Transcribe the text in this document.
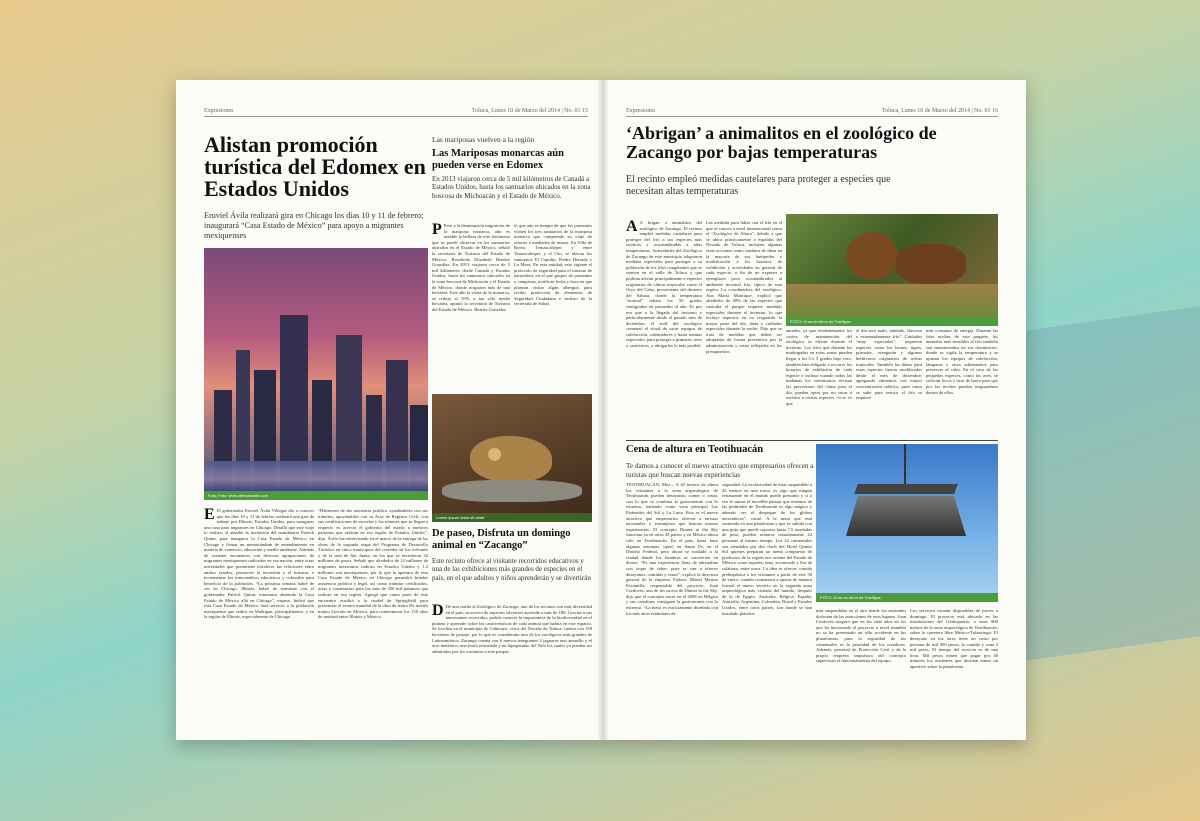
Expresiones	Toluca, Lunes 10 de Marzo del 2014 | No. 01 15
Alistan promoción turística del Edomex en Estados Unidos
Eruviel Ávila realizará gira en Chicago los días 10 y 11 de febrero; inaugurará “Casa Estado de México” para apoyo a migrantes mexiquenses
Foto: Foto: www.chiesauchto.com
E El gobernador Eruviel Ávila Villegas dio a conocer que los días 10 y 11 de febrero realizará una gira de trabajo por Illinois, Estados Unidos, para inaugurar una casa para migrantes en Chicago. Detalló que este viaje lo realiza, al atender la invitación del mandatario Patrick Quinn, para inaugurar la Casa Estado de México en Chicago y firmar un memorándum de entendimiento en materia de comercio, educación y medio ambiente. Además de sostener encuentros con diversas agrupaciones de migrantes mexiquenses radicados en esa nación, entre otras actividades que permitirán fortalecer las relaciones entre ambos estados, promover la inversión y el turismo, e incrementar los intercambios educativos y culturales para beneficio de la población. “La próxima semana habré de ver en Chicago, Illinois, habré de reunirme con el gobernador Patrick Quinn, estaremos abriendo la Casa Estado de México allá en Chicago”, expuso. Indicó que esta Casa Estado de México dará servicio a la población mexiquense que radica en Waikigan, principalmente, y en la región de Illinois, especialmente de Chicago.
“Habremos de dar asistencia jurídica, ayudándoles con sus trámites, apoyándoles con su Acta de Registro Civil, con sus certificaciones de escuelas y los trámites que se llegan a requerir, es acercar el gobierno del estado a nuestros paisanos que radican en esa región de Estados Unidos”, dijo. Ávila fue entrevistado en el marco de la entrega de las obras de la segunda etapa del Programa de Desarrollo Turístico en cinco municipios del corredor de los volcanes y de la ruta de Sor Juana, en los que se invirtieron 32 millones de pesos. Señaló que alrededor de 12 millones de migrantes mexicanos radican en Estados Unidos y 1.2 millones son mexiquenses, por lo que la apertura de esta Casa Estado de México en Chicago permitirá brindar asistencia jurídica y legal, así como tramitar certificados, actas y constancias para los más de 350 mil paisanos que radican en esa región. Agregó que como parte de este encuentro acudirá a la ciudad de Springfield para presenciar el evento mundial de la obra de teatro De interés mutuo Lincoln en Mexico, para conmemorar los 150 años de amistad entre Illinois y México.
Las mariposas vuelven a la región
Las Mariposas monarcas aún pueden verse en Edomex
En 2013 viajaron cerca de 5 mil kilómetros de Canadá a Estados Unidos, hasta los santuarios ubicados en la zona boscosa de Michoacán y el Estado de México.
P Pese a la disminución migratoria de la mariposa monarca, aún es notable la belleza de este fenómeno que se puede observar en los santuarios ubicados en el Estado de México, señaló la secretaria de Turismo del Estado de México, Rosalinda Elizabeth Benítez González. En 2013 viajaron cerca de 5 mil kilómetros desde Canadá y Estados Unidos, hasta los santuarios ubicados en la zona boscosa de Michoacán y el Estado de México, donde ocuparon más de una hectárea. Este año la visita de la monarca, se redujo al 50% a tan sólo media hectárea, apuntó la secretaria de Turismo del Estado de México. Beatriz González
tó que aún es tiempo de que los paseantes visiten los tres santuarios de la mariposa monarca que comprende su viaje de retorno a mediados de marzo. En Villa de Bravo, Temascaltepec y entre Temascaltepec y el Oro, se ubican los santuarios El Capulín, Piedra Herrada y La Mesa. En esta entidad, esta vigente el protocolo de seguridad para el turismo de naturaleza, en el que grupos de paseantes y campistas, notifican fecha y hora en que planean visitar algún albergue, para recibir protección de elementos de Seguridad Ciudadana e incluso de la secretaría de Salud.
Lorem ipsum dolor sit amet
De paseo, Disfruta un domingo animal en “Zacango”
Este recinto ofrece al visitante recorridos educativos y una de las exhibiciones más grandes de especies en el país, en el que adultos y niños aprenderán y se divertirán
D Dé una vuelta al Zoológico de Zacango, uno de los recintos con más diversidad en el país, su acervo de especies silvestres asciende a más de 180. Gracias a sus interesantes recorridos, podrás conocer la importancia de la biodiversidad en el planeta y aprender sobre las características de cada animal que habita en este espacio. Se localiza en el municipio de Calimaya, cerca del Nevado de Toluca; cuenta con 159 hectáreas de paisaje, por lo que es considerado uno de los zoológicos más grandes de Latinoamérica. Zacango cuenta con 6 nuevos integrantes 2 jaguares uno amarillo y el otro melánico; una jirafa reticulada y un hipopótamo del Nilo los cuales ya pueden ser admirados por los visitantes a este parque.
Expresiones	Toluca, Lunes 10 de Marzo del 2014 | No. 01 16
‘Abrigan’ a animalitos en el zoológico de Zacango por bajas temperaturas
El recinto empleó medidas cautelares para proteger a especies que necesitan altas temperaturas
A A brigan a animalitos del zoológico de Zacango. El recinto empleó medidas cautelares para proteger del frío a sus especies más exóticas y acostumbradas a altas temperaturas. Autoridades del Zoológico de Zacango de este municipio adoptaron medidas especiales para proteger a su población de los fríos congelantes que se sienten en el valle de Toluca y que podrían afectar principalmente a especies originarias de climas tropicales como el Oryx del Cabo, proveniente del desierto del Sahara, donde la temperatura “normal” rebasa los 50 grados centígrados en promedio al año. Es por eso que a la llegada del invierno y particularmente desde el pasado mes de diciembre, el staff del zoológico comenzó el ritual de sacar equipos de calefacción, calentadores y hasta mantas especiales, para proteger a primates, aves y carnívoros, y abrigarlos lo más posible.
Las medidas para lidiar con el frío en el que se conoce a nivel internacional como el “Zoológico de Altura”, debido a que se ubica prácticamente a espaldas del Nevado de Toluca, incluyen algunas otras acciones como cambios de dieta en la mayoría de sus huéspedes y modificación a los horarios de exhibición y actividades en general de cada especie, a fin de no exponer a ejemplares poco acostumbrados al ambiente invernal frío, típico de esta región. La coordinadora del zoológico, Ana María Manrique, explicó que alrededor de 40% de las especies que custodia el parque requiere medidas especiales durante el invierno, lo que incluye aspectos en su resguardo la mayor parte del día, dieta y cuidados especiales durante la noche. Dijo que se trata de medidas que deben ser adoptadas de forma preventiva por la administración y están reflejadas en los presupuestos
FOTO: Grua do Airon de Tolelliyse
anuales, ya que evidentemente los costos de manutención del zoológico se elevan durante el invierno. Los fríos que durante las madrugadas en estas zonas pueden llegar a los 3 o 5 grados bajo cero, también han obligado a recorrer los horarios de exhibición de cada especie e incluso cuando todas las mañanas los veterinarios revisan las previsiones del clima para el día, pueden optar por no sacar a exterior a ciertas especies “si se ve que
el día será malo, nublado, lluvioso o extremadamente frío”. Cuidados “muy especiales”, requieren especies como los leones, tigres, primates, orangután y algunos herbívoros originarios de selvas tropicales. También las dietas para estas especies fueron modificadas desde el mes de diciembre, agregando alimentos con mayor concentración calórico, pues como se sabe para resistir el frío se requiere
más consumo de energía. Durante las frías noches de este paquete, los animales más sensibles al frío también son monitoreados en sus dormitorios, donde se vigila la temperatura y se ajustan los equipos de calefacción, lámparas y otros aditamentos para preservar el calor. En el caso de las pequeñas especies, como las aves, se colocan focos y tiras de barro para que por las noches puedan resguardarse dentro de ellos.
Cena de altura en Teotihuacán
Te damos a conocer el nuevo atractivo que empresarios ofrecen a turistas que buscan nuevas experiencias
FOTO: Grua do Airon de Tolelliyse
TEOTIHUACÁN, Méx.– A 45 metros de altura los visitantes a la zona arqueológica de Teotihuacán pueden desayunar, comer o cenar, con lo que se combina la gastronomía con lo extremo, teniendo como vista principal Las Pirámides del Sol y La Luna. Este es el nuevo atractivo que empresarios ofrecen a turistas nacionales y extranjeros que buscan nuevas experiencias. El concepto Dinner in the Sky funciona ya en otros 45 países y en México ahora sólo en Teotihuacán. En el país, hasta hace algunas semanas, operó en Santa Fe, en el Distrito Federal, pero ahora se trasladó a la ciudad donde los hombres se convierten en dioses. “Es una experiencia llena de adrenalina con toque de sabor, pues se van a ofrecer desayunos, comidas y cenas”, explicó la directora general de la empresa Violare, Mariel Merino Escamilla, responsable del proyecto. Juan Cordovés, uno de los socios de Dinner in the Sky, dijo que el concepto nació en el 2006 en Bélgica y sus creadores consiguen la gastronomía con lo extremo. “La mesa es estrictamente diseñada con los más altos estándares de
seguridad. La exclusividad de estar suspendido a 45 metros en una mesa, es algo que ningún restaurante en el mundo puede presumir y si a eso le sumas el increíble paisaje que tenemos de las pirámides de Teotihuacán es algo mágico y además ver el despegue de los globos aerostáticos”, contó. A la mesa que está sostenida en una plataforma y que es subida con una grúa que puede soportar hasta 7.5 toneladas de peso, pueden sentarse cómodamente 22 personas al mismo tiempo. Los 22 comensales son atendidos por dos chefs del Hotel Quinto Sol quienes preparan un menú compuesto de productos de la región nor oriente del Estado de México como nopales, tuna, xoconostle y flor de calabaza, entre otros. La idea es ofrecer comida prehispánica a los visitantes a partir de este 30 de enero; cuando comenzará a operar de manera formal el nuevo servicio en la segunda zona arqueológica más visitada del mundo, después de la de Egipto. Australia, Bélgica, España, Australia, Argentina, Colombia, Brasil y Estados Unidos, entre otros países, son donde se han instalado platafor-
mas suspendidas en el aire donde los asistentes disfrutan de las atracciones de esos lugares. Juan Cordovés aseguró que en los siete años en los que ha funcionado el proyecto a nivel mundial no se ha presentado un sólo accidente en las plataformas, pues la seguridad de los comensales es la prioridad de los creadores. Además, personal de Protección Civil y de la propia empresa impulsora del concepto supervisan el funcionamiento del equipo.
Los servicios estarán disponibles de jueves a domingo. El proyecto está ubicado en las instalaciones del Globopuerto, a unos 800 metros de la zona arqueológica de Teotihuacán, sobre la carretera libre México-Tulancingo. El desayuno en los aires tiene un costo por persona de mil 300 pesos; la comida y cena 2 mil pesos. El tiempo del servicio es de una hora. Mil pesos tienen que pagar por 40 minutos los asistentes que decidan tomar un aperitivo sobre la plataforma.
